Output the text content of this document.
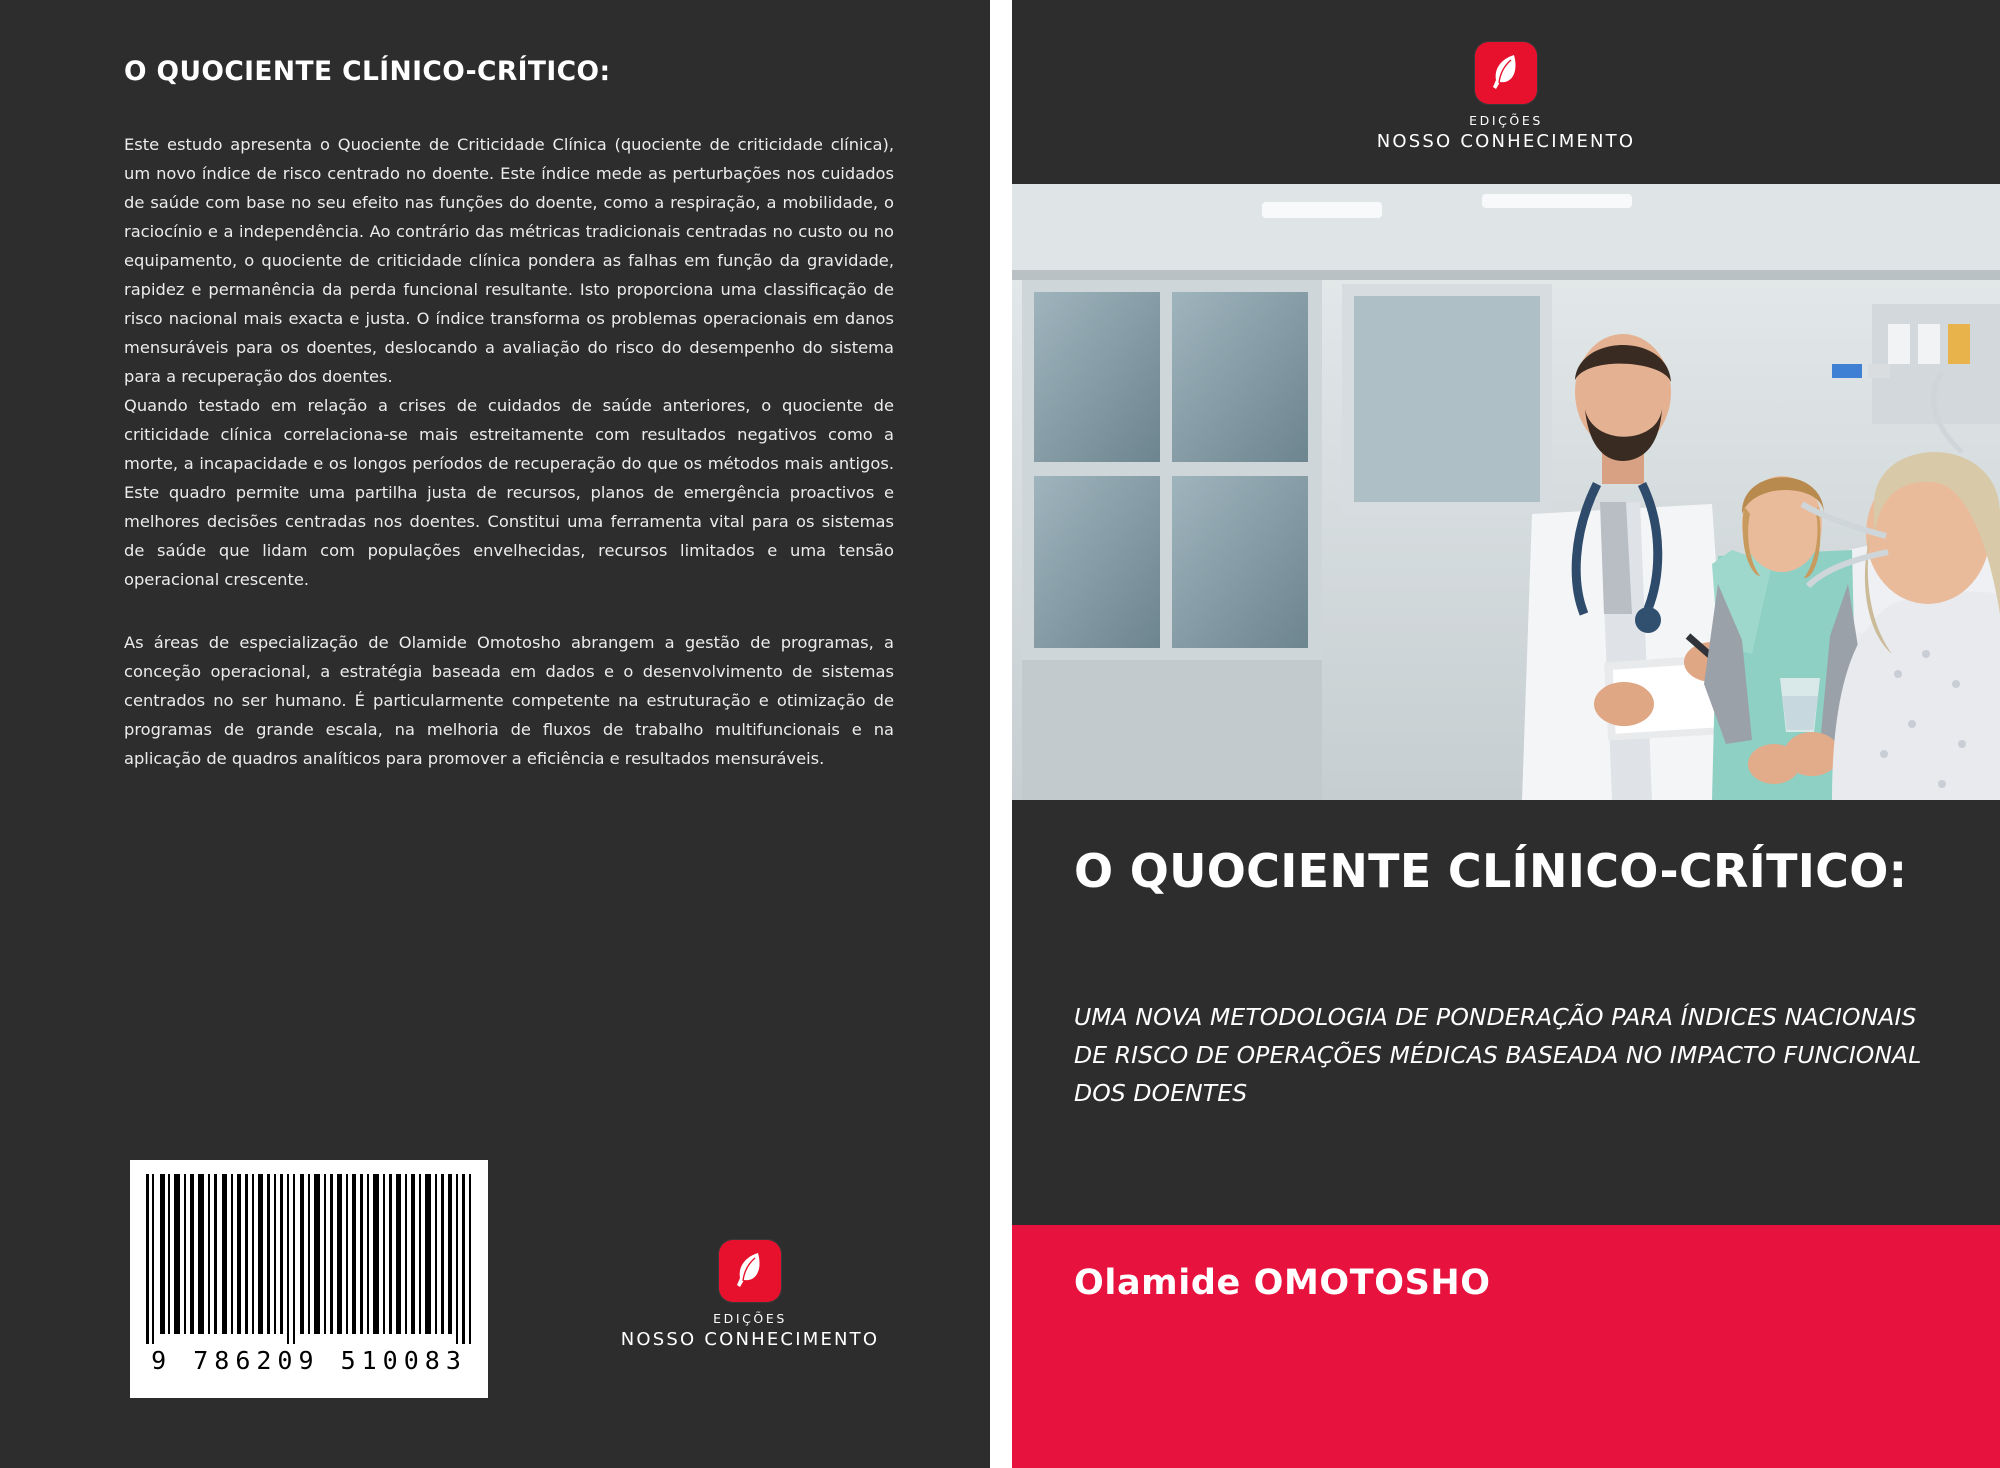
O QUOCIENTE CLÍNICO-CRÍTICO:

Este estudo apresenta o Quociente de Criticidade Clínica (quociente de criticidade clínica), um novo índice de risco centrado no doente. Este índice mede as perturbações nos cuidados de saúde com base no seu efeito nas funções do doente, como a respiração, a mobilidade, o raciocínio e a independência. Ao contrário das métricas tradicionais centradas no custo ou no equipamento, o quociente de criticidade clínica pondera as falhas em função da gravidade, rapidez e permanência da perda funcional resultante. Isto proporciona uma classificação de risco nacional mais exacta e justa. O índice transforma os problemas operacionais em danos mensuráveis para os doentes, deslocando a avaliação do risco do desempenho do sistema para a recuperação dos doentes.

Quando testado em relação a crises de cuidados de saúde anteriores, o quociente de criticidade clínica correlaciona-se mais estreitamente com resultados negativos como a morte, a incapacidade e os longos períodos de recuperação do que os métodos mais antigos. Este quadro permite uma partilha justa de recursos, planos de emergência proactivos e melhores decisões centradas nos doentes. Constitui uma ferramenta vital para os sistemas de saúde que lidam com populações envelhecidas, recursos limitados e uma tensão operacional crescente.

As áreas de especialização de Olamide Omotosho abrangem a gestão de programas, a conceção operacional, a estratégia baseada em dados e o desenvolvimento de sistemas centrados no ser humano. É particularmente competente na estruturação e otimização de programas de grande escala, na melhoria de fluxos de trabalho multifuncionais e na aplicação de quadros analíticos para promover a eficiência e resultados mensuráveis.

9 786209 510083
EDIÇÕES
NOSSO CONHECIMENTO
EDIÇÕES
NOSSO CONHECIMENTO
O QUOCIENTE CLÍNICO-CRÍTICO:
UMA NOVA METODOLOGIA DE PONDERAÇÃO PARA ÍNDICES NACIONAIS DE RISCO DE OPERAÇÕES MÉDICAS BASEADA NO IMPACTO FUNCIONAL DOS DOENTES
Olamide OMOTOSHO
